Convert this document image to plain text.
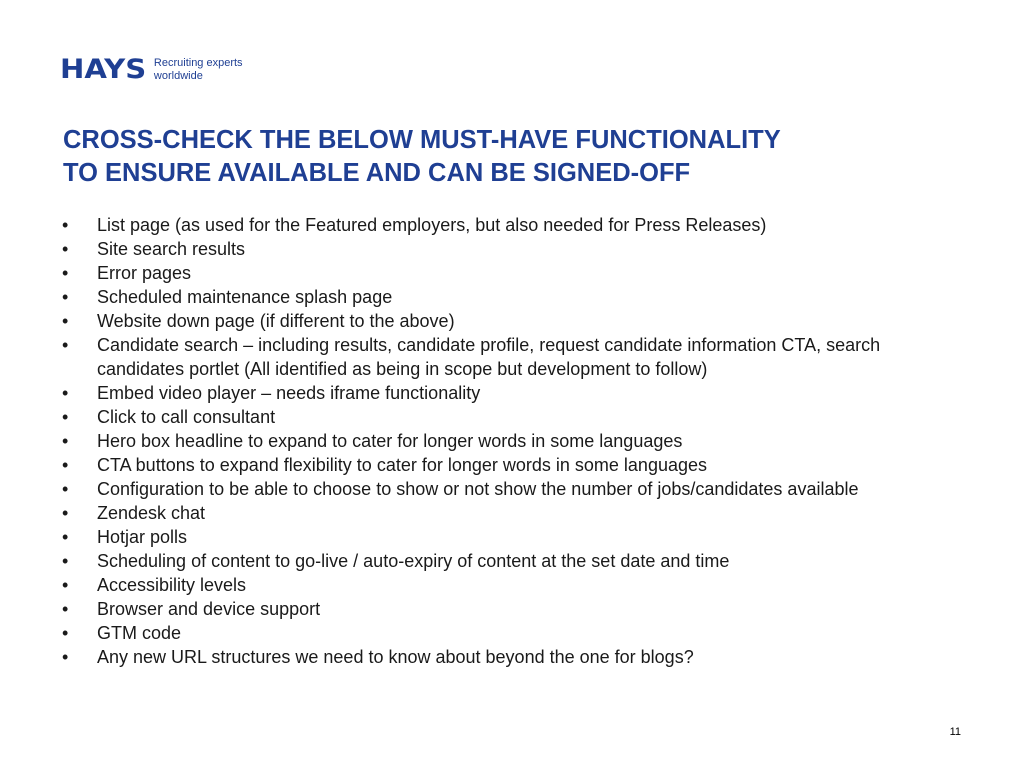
HAYS Recruiting experts
worldwide
CROSS-CHECK THE BELOW MUST-HAVE FUNCTIONALITY
TO ENSURE AVAILABLE AND CAN BE SIGNED-OFF
• List page (as used for the Featured employers, but also needed for Press Releases)
• Site search results
• Error pages
• Scheduled maintenance splash page
• Website down page (if different to the above)
• Candidate search – including results, candidate profile, request candidate information CTA, search candidates portlet (All identified as being in scope but development to follow)
• Embed video player – needs iframe functionality
• Click to call consultant
• Hero box headline to expand to cater for longer words in some languages
• CTA buttons to expand flexibility to cater for longer words in some languages
• Configuration to be able to choose to show or not show the number of jobs/candidates available
• Zendesk chat
• Hotjar polls
• Scheduling of content to go-live / auto-expiry of content at the set date and time
• Accessibility levels
• Browser and device support
• GTM code
• Any new URL structures we need to know about beyond the one for blogs?
11
